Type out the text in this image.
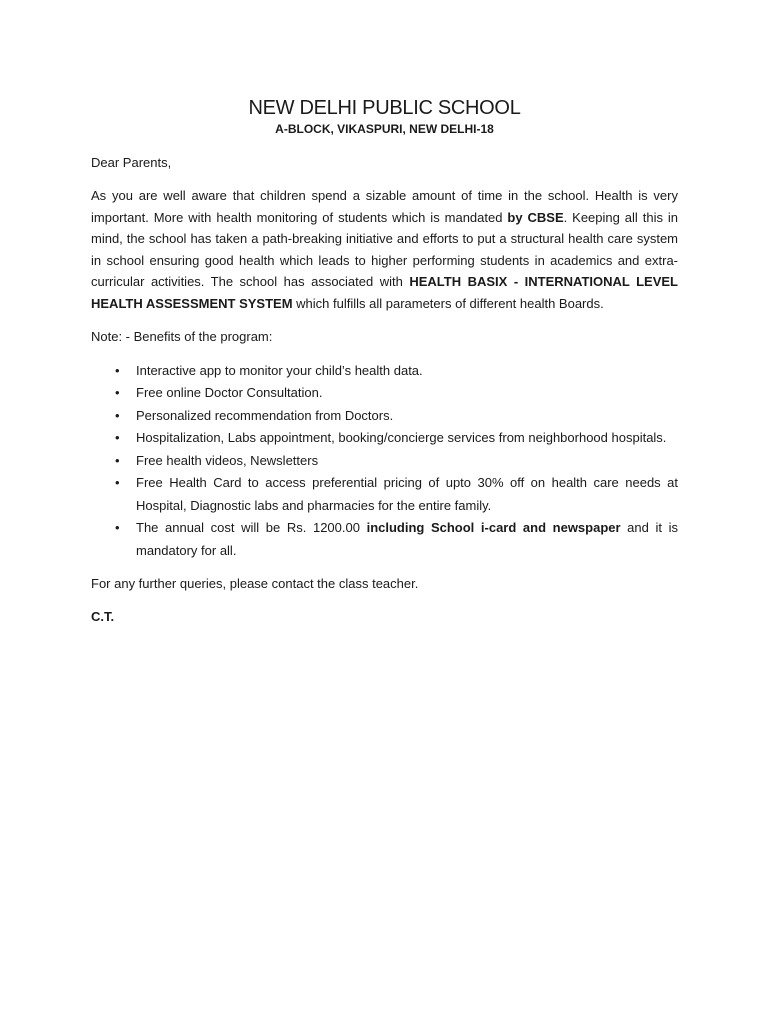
NEW DELHI PUBLIC SCHOOL
A-BLOCK, VIKASPURI, NEW DELHI-18

Dear Parents,

As you are well aware that children spend a sizable amount of time in the school. Health is very important. More with health monitoring of students which is mandated by CBSE. Keeping all this in mind, the school has taken a path-breaking initiative and efforts to put a structural health care system in school ensuring good health which leads to higher performing students in academics and extra-curricular activities. The school has associated with HEALTH BASIX - INTERNATIONAL LEVEL HEALTH ASSESSMENT SYSTEM which fulfills all parameters of different health Boards.

Note: - Benefits of the program:

• Interactive app to monitor your child’s health data.
• Free online Doctor Consultation.
• Personalized recommendation from Doctors.
• Hospitalization, Labs appointment, booking/concierge services from neighborhood hospitals.
• Free health videos, Newsletters
• Free Health Card to access preferential pricing of upto 30% off on health care needs at Hospital, Diagnostic labs and pharmacies for the entire family.
• The annual cost will be Rs. 1200.00 including School i-card and newspaper and it is mandatory for all.

For any further queries, please contact the class teacher.

C.T.
